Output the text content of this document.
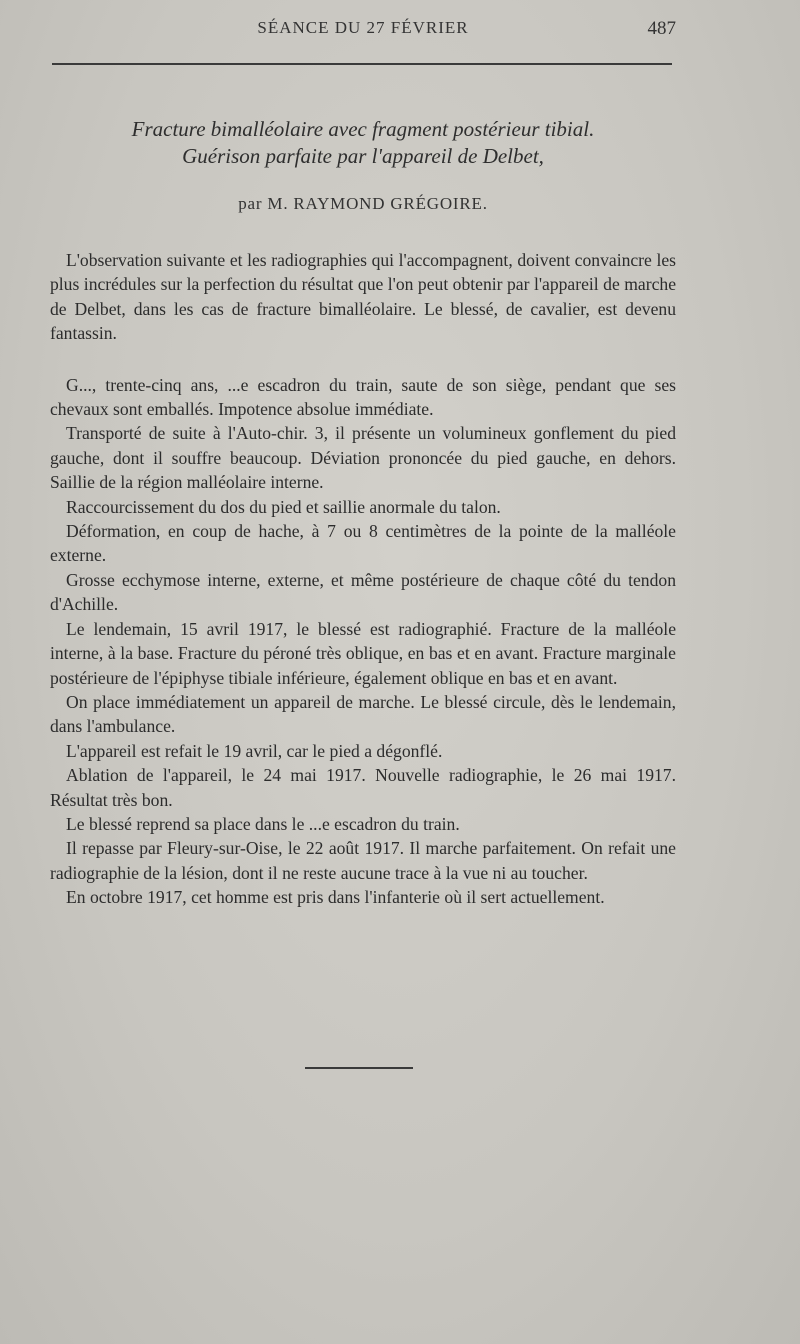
SÉANCE DU 27 FÉVRIER	487
Fracture bimalléolaire avec fragment postérieur tibial.
Guérison parfaite par l'appareil de Delbet,
par M. RAYMOND GRÉGOIRE.

L'observation suivante et les radiographies qui l'accompagnent, doivent convaincre les plus incrédules sur la perfection du résultat que l'on peut obtenir par l'appareil de marche de Delbet, dans les cas de fracture bimalléolaire. Le blessé, de cavalier, est devenu fantassin.

G..., trente-cinq ans, ...e escadron du train, saute de son siège, pendant que ses chevaux sont emballés. Impotence absolue immédiate.

Transporté de suite à l'Auto-chir. 3, il présente un volumineux gonflement du pied gauche, dont il souffre beaucoup. Déviation prononcée du pied gauche, en dehors. Saillie de la région malléolaire interne.

Raccourcissement du dos du pied et saillie anormale du talon.

Déformation, en coup de hache, à 7 ou 8 centimètres de la pointe de la malléole externe.

Grosse ecchymose interne, externe, et même postérieure de chaque côté du tendon d'Achille.

Le lendemain, 15 avril 1917, le blessé est radiographié. Fracture de la malléole interne, à la base. Fracture du péroné très oblique, en bas et en avant. Fracture marginale postérieure de l'épiphyse tibiale inférieure, également oblique en bas et en avant.

On place immédiatement un appareil de marche. Le blessé circule, dès le lendemain, dans l'ambulance.

L'appareil est refait le 19 avril, car le pied a dégonflé.

Ablation de l'appareil, le 24 mai 1917. Nouvelle radiographie, le 26 mai 1917. Résultat très bon.

Le blessé reprend sa place dans le ...e escadron du train.

Il repasse par Fleury-sur-Oise, le 22 août 1917. Il marche parfaitement. On refait une radiographie de la lésion, dont il ne reste aucune trace à la vue ni au toucher.

En octobre 1917, cet homme est pris dans l'infanterie où il sert actuellement.
